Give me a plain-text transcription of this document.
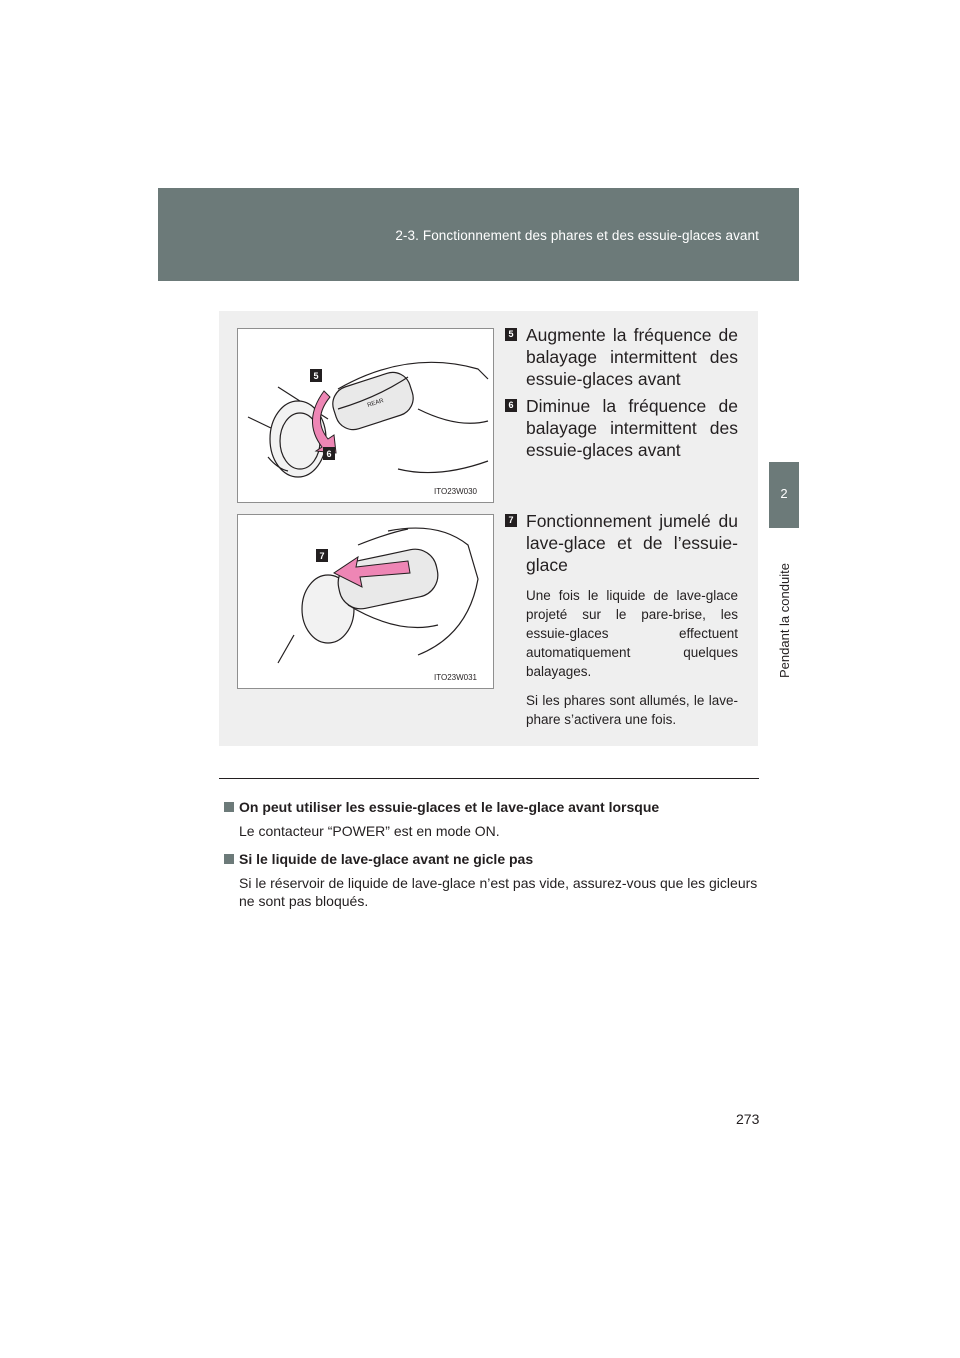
2-3. Fonctionnement des phares et des essuie-glaces avant
2
Pendant la conduite
REAR
5
6
ITO23W030
7
ITO23W031
5 Augmente la fréquence de balayage intermittent des essuie-glaces avant
6 Diminue la fréquence de balayage intermittent des essuie-glaces avant
7 Fonctionnement jumelé du lave-glace et de l’essuie-glace
Une fois le liquide de lave-glace projeté sur le pare-brise, les essuie-glaces effectuent automatiquement quelques balayages.
Si les phares sont allumés, le lave-phare s’activera une fois.
On peut utiliser les essuie-glaces et le lave-glace avant lorsque
Le contacteur “POWER” est en mode ON.
Si le liquide de lave-glace avant ne gicle pas
Si le réservoir de liquide de lave-glace n’est pas vide, assurez-vous que les gicleurs ne sont pas bloqués.
273
